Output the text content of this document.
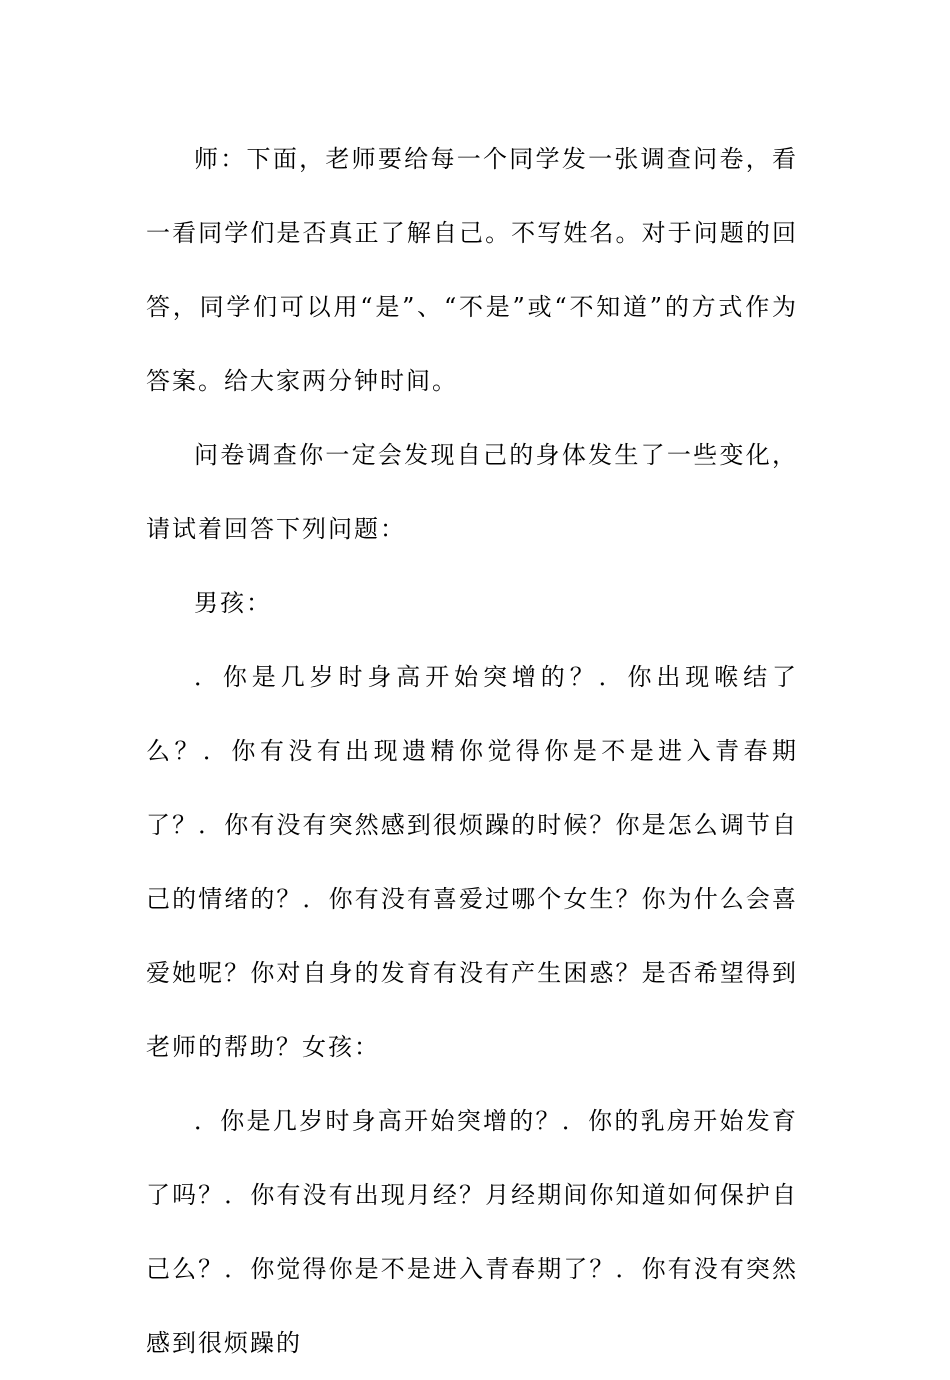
师：下面，老师要给每一个同学发一张调查问卷，看一看同学们是否真正了解自己。不写姓名。对于问题的回答，同学们可以用“是”、“不是”或“不知道”的方式作为答案。给大家两分钟时间。

问卷调查你一定会发现自己的身体发生了一些变化，请试着回答下列问题：

男孩：

．你是几岁时身高开始突增的？．你出现喉结了么？．你有没有出现遗精你觉得你是不是进入青春期了？．你有没有突然感到很烦躁的时候？你是怎么调节自己的情绪的？．你有没有喜爱过哪个女生？你为什么会喜爱她呢？你对自身的发育有没有产生困惑？是否希望得到老师的帮助？女孩：

．你是几岁时身高开始突增的？．你的乳房开始发育了吗？．你有没有出现月经？月经期间你知道如何保护自己么？．你觉得你是不是进入青春期了？．你有没有突然感到很烦躁的
